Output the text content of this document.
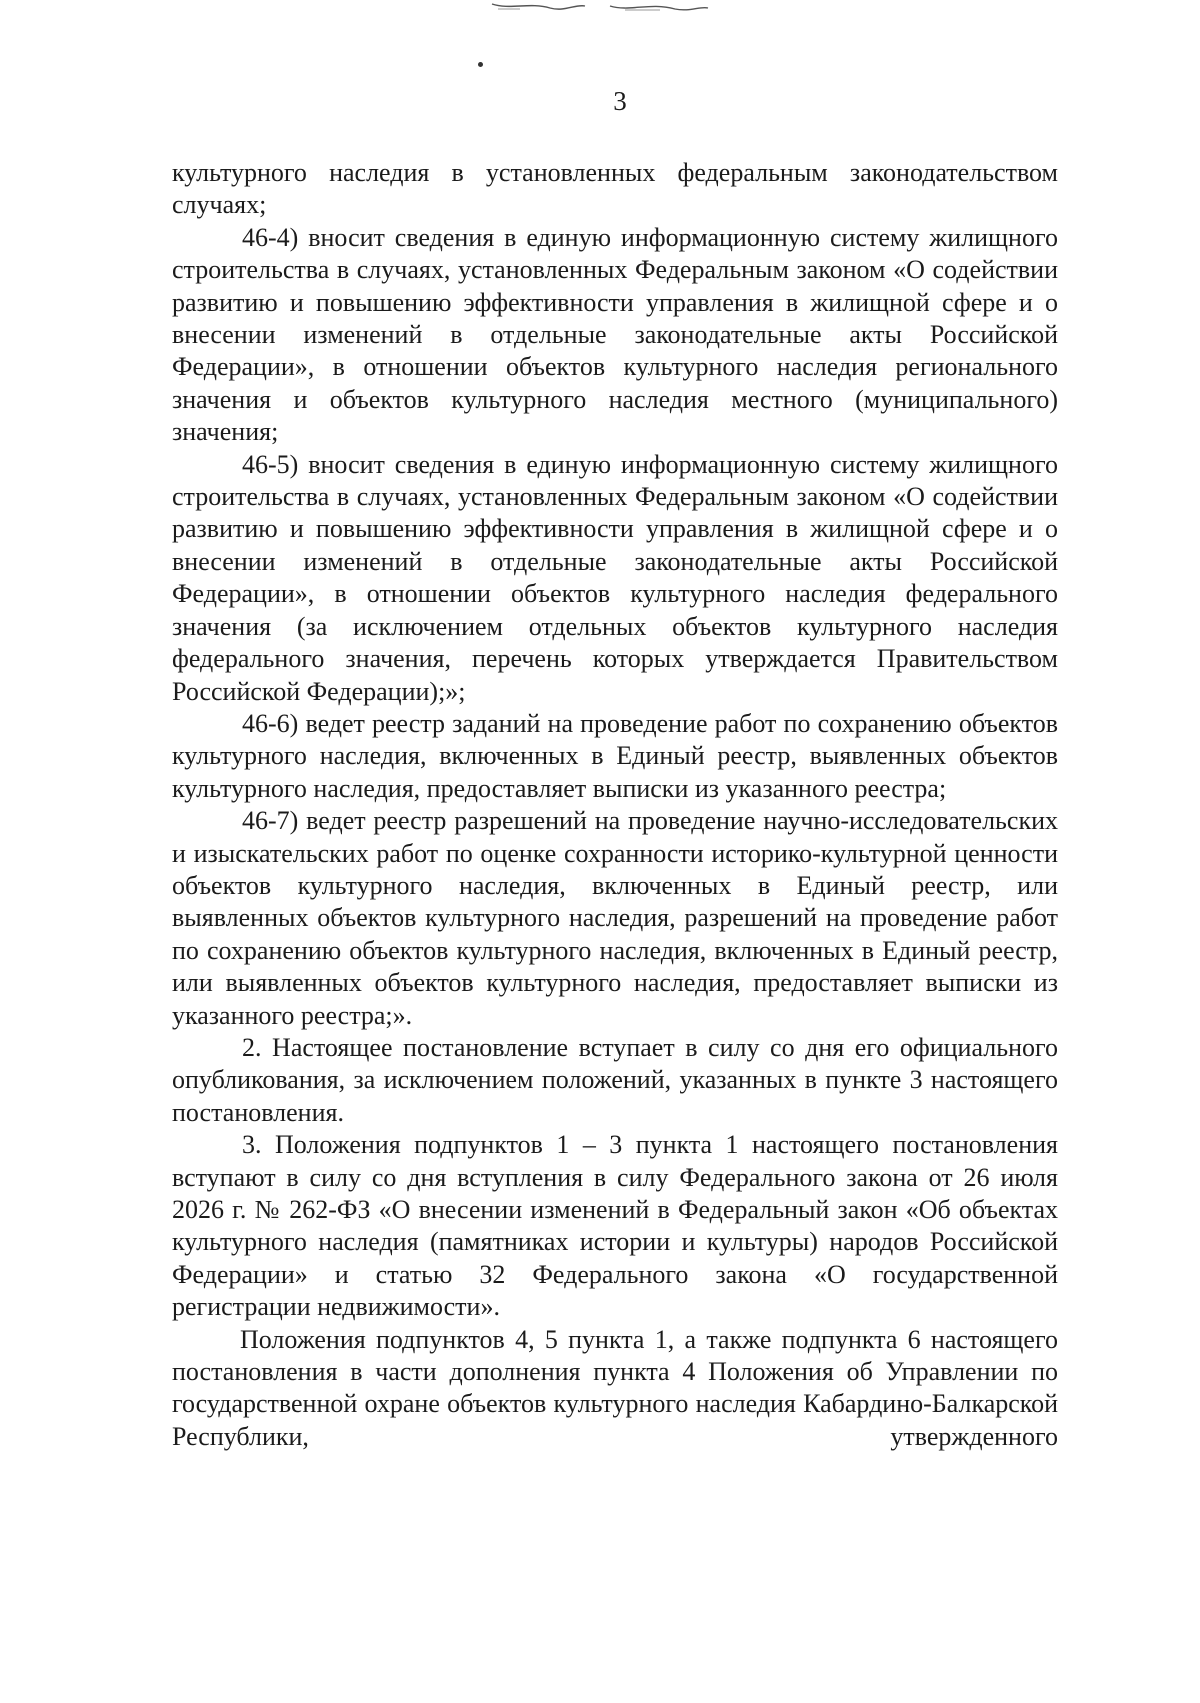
3

культурного наследия в установленных федеральным законодательством случаях;

46-4) вносит сведения в единую информационную систему жилищного строительства в случаях, установленных Федеральным законом «О содействии развитию и повышению эффективности управления в жилищной сфере и о внесении изменений в отдельные законодательные акты Российской Федерации», в отношении объектов культурного наследия регионального значения и объектов культурного наследия местного (муниципального) значения;

46-5) вносит сведения в единую информационную систему жилищного строительства в случаях, установленных Федеральным законом «О содействии развитию и повышению эффективности управления в жилищной сфере и о внесении изменений в отдельные законодательные акты Российской Федерации», в отношении объектов культурного наследия федерального значения (за исключением отдельных объектов культурного наследия федерального значения, перечень которых утверждается Правительством Российской Федерации);»;

46-6) ведет реестр заданий на проведение работ по сохранению объектов культурного наследия, включенных в Единый реестр, выявленных объектов культурного наследия, предоставляет выписки из указанного реестра;

46-7) ведет реестр разрешений на проведение научно-исследовательских и изыскательских работ по оценке сохранности историко-культурной ценности объектов культурного наследия, включенных в Единый реестр, или выявленных объектов культурного наследия, разрешений на проведение работ по сохранению объектов культурного наследия, включенных в Единый реестр, или выявленных объектов культурного наследия, предоставляет выписки из указанного реестра;».

2. Настоящее постановление вступает в силу со дня его официального опубликования, за исключением положений, указанных в пункте 3 настоящего постановления.

3. Положения подпунктов 1 – 3 пункта 1 настоящего постановления вступают в силу со дня вступления в силу Федерального закона от 26 июля 2026 г. № 262-ФЗ «О внесении изменений в Федеральный закон «Об объектах культурного наследия (памятниках истории и культуры) народов Российской Федерации» и статью 32 Федерального закона «О государственной регистрации недвижимости».

Положения подпунктов 4, 5 пункта 1, а также подпункта 6 настоящего постановления в части дополнения пункта 4 Положения об Управлении по государственной охране объектов культурного наследия Кабардино-Балкарской Республики, утвержденного
